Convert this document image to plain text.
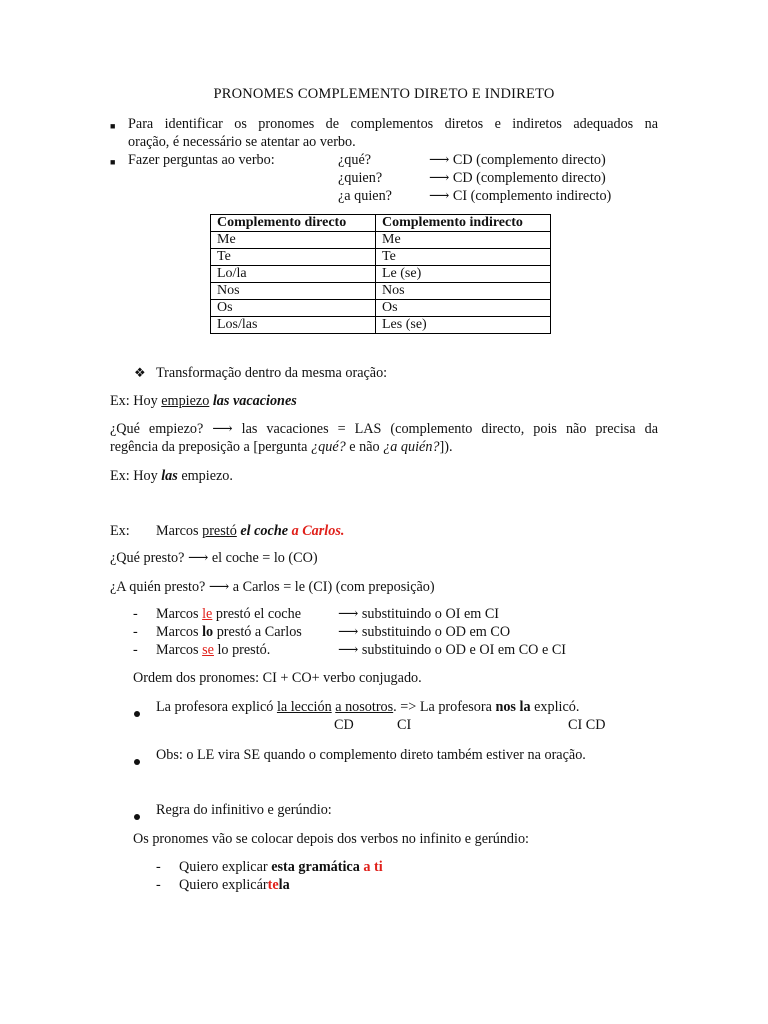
PRONOMES COMPLEMENTO DIRETO E INDIRETO
■ Para identificar os pronomes de complementos diretos e indiretos adequados na
oração, é necessário se atentar ao verbo.
■ Fazer perguntas ao verbo:	¿qué?	⟶ CD (complemento directo)
¿quien?	⟶ CD (complemento directo)
¿a quien?	⟶ CI (complemento indirecto)
Complemento directo	Complemento indirecto
Me	Me
Te	Te
Lo/la	Le (se)
Nos	Nos
Os	Os
Los/las	Les (se)
❖ Transformação dentro da mesma oração:
Ex: Hoy empiezo las vacaciones
¿Qué empiezo? ⟶ las vacaciones = LAS (complemento directo, pois não precisa da
regência da preposição a [pergunta ¿qué? e não ¿a quién?]).
Ex: Hoy las empiezo.
Ex: Marcos prestó el coche a Carlos.
¿Qué presto? ⟶ el coche = lo (CO)
¿A quién presto? ⟶ a Carlos = le (CI) (com preposição)
- Marcos le prestó el coche	⟶ substituindo o OI em CI
- Marcos lo prestó a Carlos	⟶ substituindo o OD em CO
- Marcos se lo prestó.	⟶ substituindo o OD e OI em CO e CI
Ordem dos pronomes: CI + CO+ verbo conjugado.
La profesora explicó la lección a nosotros. => La profesora nos la explicó.
CD	CI	CI CD
Obs: o LE vira SE quando o complemento direto também estiver na oração.
Regra do infinitivo e gerúndio:
Os pronomes vão se colocar depois dos verbos no infinito e gerúndio:
- Quiero explicar esta gramática a ti
- Quiero explicártela
